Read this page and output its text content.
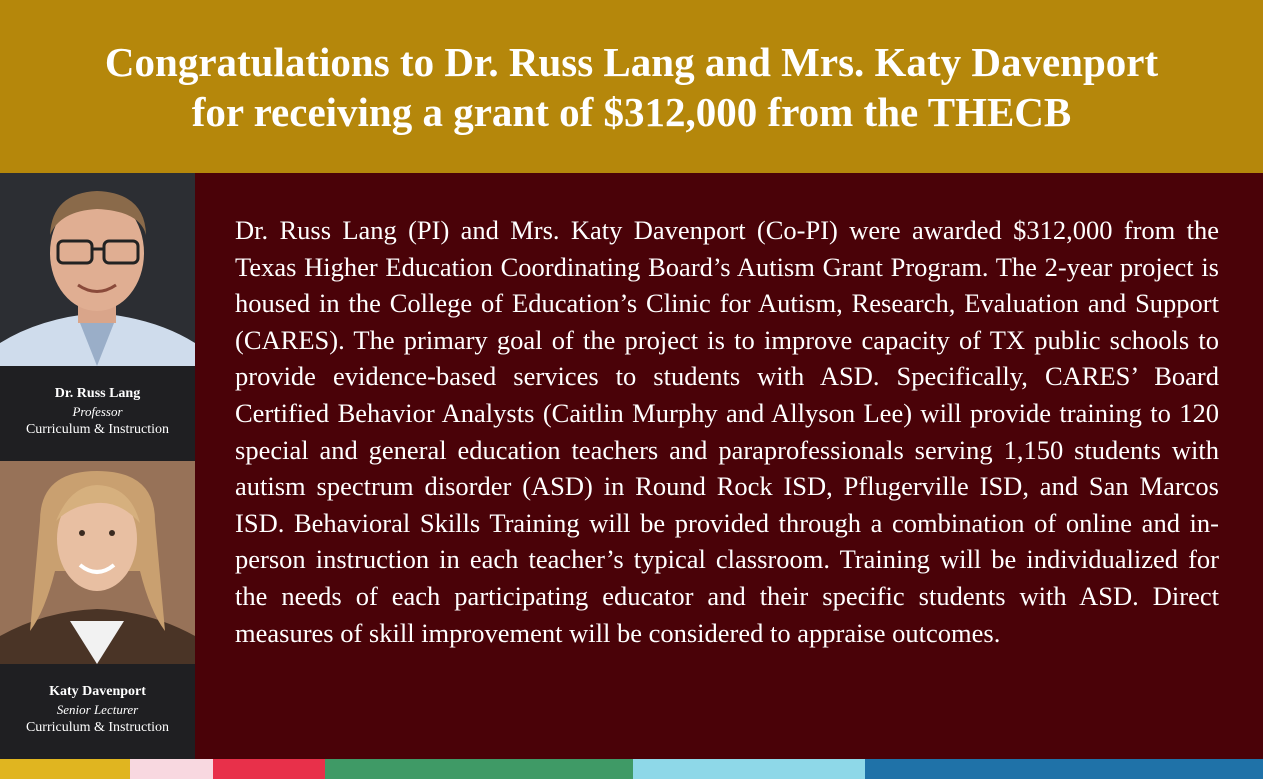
Congratulations to Dr. Russ Lang and Mrs. Katy Davenport
for receiving a grant of $312,000 from the THECB
Dr. Russ Lang
Professor
Curriculum & Instruction
Katy Davenport
Senior Lecturer
Curriculum & Instruction

Dr. Russ Lang (PI) and Mrs. Katy Davenport (Co-PI) were awarded $312,000 from the Texas Higher Education Coordinating Board’s Autism Grant Program. The 2-year project is housed in the College of Education’s Clinic for Autism, Research, Evaluation and Support (CARES). The primary goal of the project is to improve capacity of TX public schools to provide evidence-based services to students with ASD. Specifically, CARES’ Board Certified Behavior Analysts (Caitlin Murphy and Allyson Lee) will provide training to 120 special and general education teachers and paraprofessionals serving 1,150 students with autism spectrum disorder (ASD) in Round Rock ISD, Pflugerville ISD, and San Marcos ISD. Behavioral Skills Training will be provided through a combination of online and in-person instruction in each teacher’s typical classroom. Training will be individualized for the needs of each participating educator and their specific students with ASD. Direct measures of skill improvement will be considered to appraise outcomes.
